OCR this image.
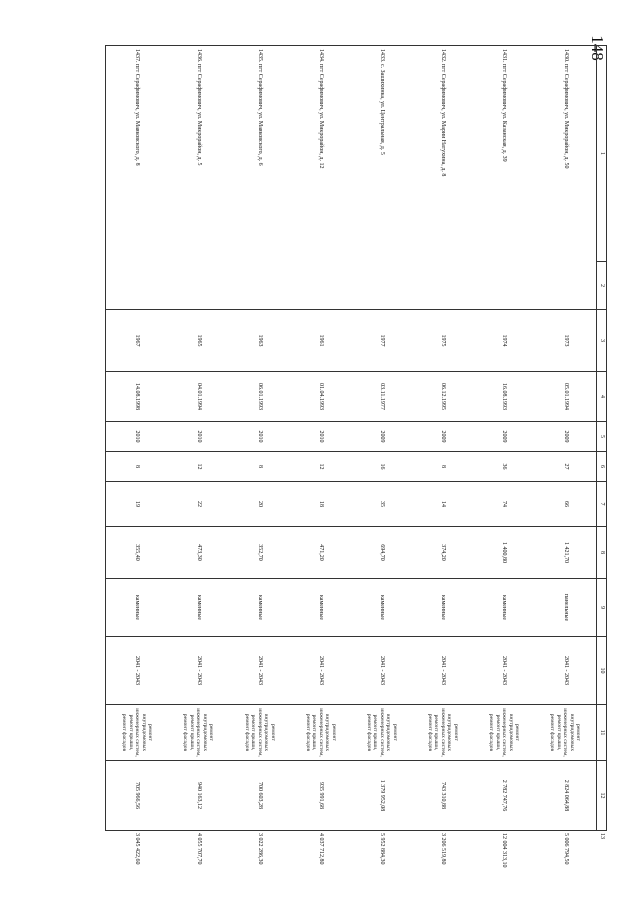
148
1	2	3	4	5	6	7	8	9	10	11	12	13
1430. пгт Серафимович, ул. Микрорайон, д. 50		1973	05.01.1994	2009	27	66	1 421,70	панельные	2041 - 2043	ремонт
внутридомовых
инженерных систем,
ремонт крыши,
ремонт фасадов	2 824 064,88	5 006 794,50
1431. пгт Серафимович, ул. Казанская, д. 39		1974	16.08.1993	2009	36	74	1 400,80	каменные	2041 - 2043	ремонт
внутридомовых
инженерных систем,
ремонт крыши,
ремонт фасадов	2 782 747,76	12 004 313,10
1432. пгт Серафимович, ул. Марии Натухина, д. 8		1975	06.12.1995	2009	8	14	374,20	каменные	2041 - 2043	ремонт
внутридомовых
инженерных систем,
ремонт крыши,
ремонт фасадов	743 310,88	3 206 519,80
1433. с. Зашихинка, ул. Центральная, д. 5		1977	03.11.1977	2009	16	35	694,70	каменные	2041 - 2043	ремонт
внутридомовых
инженерных систем,
ремонт крыши,
ремонт фасадов	1 379 952,08	5 952 884,30
1434. пгт Серафимович, ул. Микрорайон, д. 12		1961	01.04.1993	2010	12	18	471,20	каменные	2041 - 2043	ремонт
внутридомовых
инженерных систем,
ремонт крыши,
ремонт фасадов	935 991,68	4 037 712,80
1435. пгт Серафимович, ул. Маяковского, д. 6		1963	06.01.1993	2010	8	20	352,70	каменные	2041 - 2043	ремонт
внутридомовых
инженерных систем,
ремонт крыши,
ремонт фасадов	700 603,28	3 022 286,30
1436. пгт Серафимович, ул. Микрорайон, д. 5		1965	04.01.1994	2010	12	22	473,30	каменные	2041 - 2043	ремонт
внутридомовых
инженерных систем,
ремонт крыши,
ремонт фасадов	940 163,12	4 055 707,70
1437. пгт Серафимович, ул. Маяковского, д. 8		1967	14.08.1998	2010	8	19	355,40	каменные	2041 - 2043	ремонт
внутридомовых
инженерных систем,
ремонт крыши,
ремонт фасадов	705 966,56	3 045 422,60
